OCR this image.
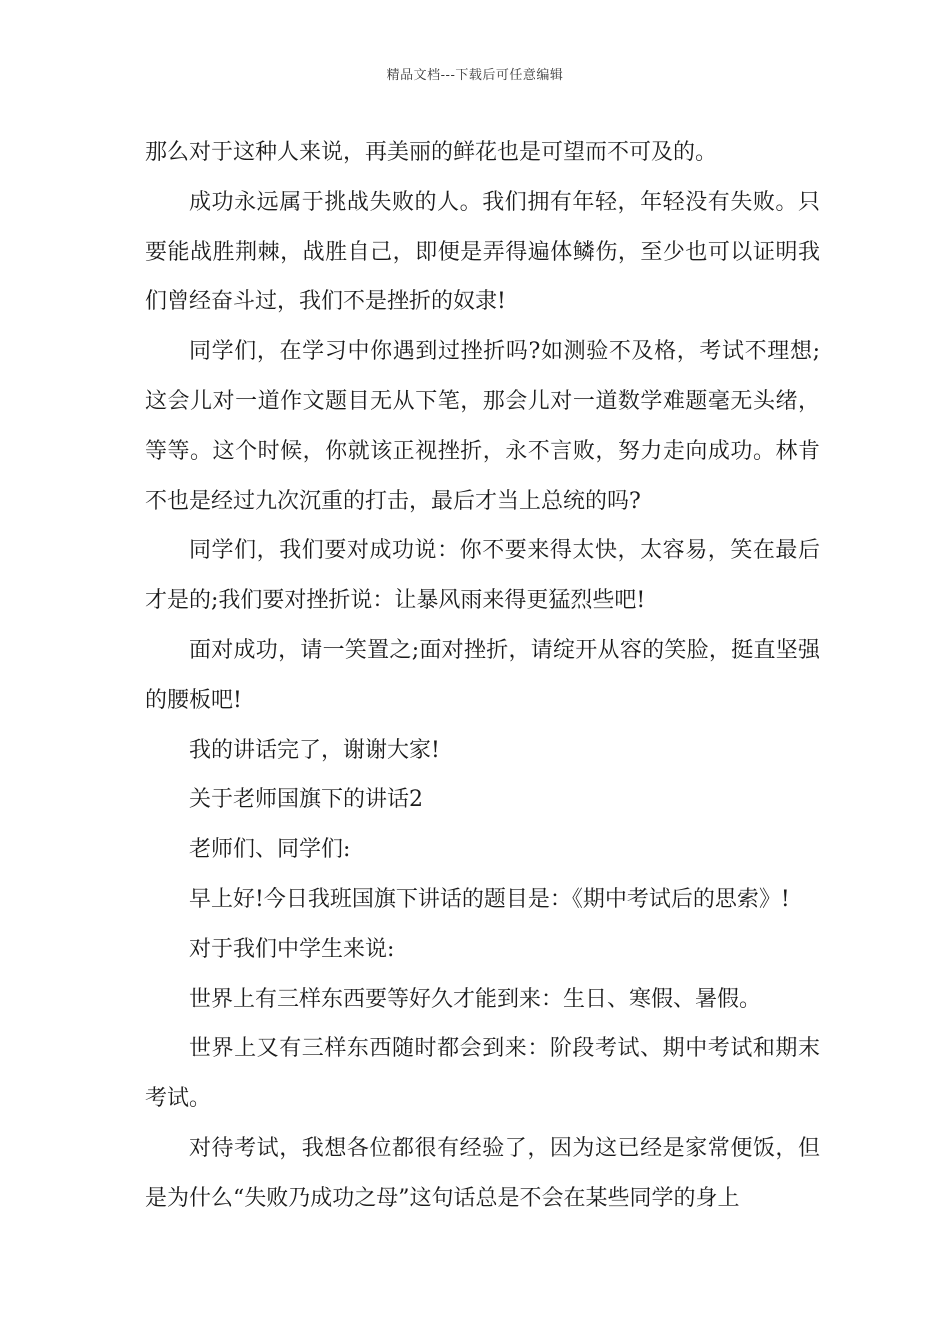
精品文档---下载后可任意编辑

那么对于这种人来说，再美丽的鲜花也是可望而不可及的。

成功永远属于挑战失败的人。我们拥有年轻，年轻没有失败。只要能战胜荆棘，战胜自己，即便是弄得遍体鳞伤，至少也可以证明我们曾经奋斗过，我们不是挫折的奴隶!

同学们，在学习中你遇到过挫折吗?如测验不及格，考试不理想;这会儿对一道作文题目无从下笔，那会儿对一道数学难题毫无头绪，等等。这个时候，你就该正视挫折，永不言败，努力走向成功。林肯不也是经过九次沉重的打击，最后才当上总统的吗?

同学们，我们要对成功说：你不要来得太快，太容易，笑在最后才是的;我们要对挫折说：让暴风雨来得更猛烈些吧!

面对成功，请一笑置之;面对挫折，请绽开从容的笑脸，挺直坚强的腰板吧!

我的讲话完了，谢谢大家!

关于老师国旗下的讲话2

老师们、同学们:

早上好!今日我班国旗下讲话的题目是：《期中考试后的思索》!

对于我们中学生来说:

世界上有三样东西要等好久才能到来：生日、寒假、暑假。

世界上又有三样东西随时都会到来：阶段考试、期中考试和期末考试。

对待考试，我想各位都很有经验了，因为这已经是家常便饭，但是为什么“失败乃成功之母”这句话总是不会在某些同学的身上
